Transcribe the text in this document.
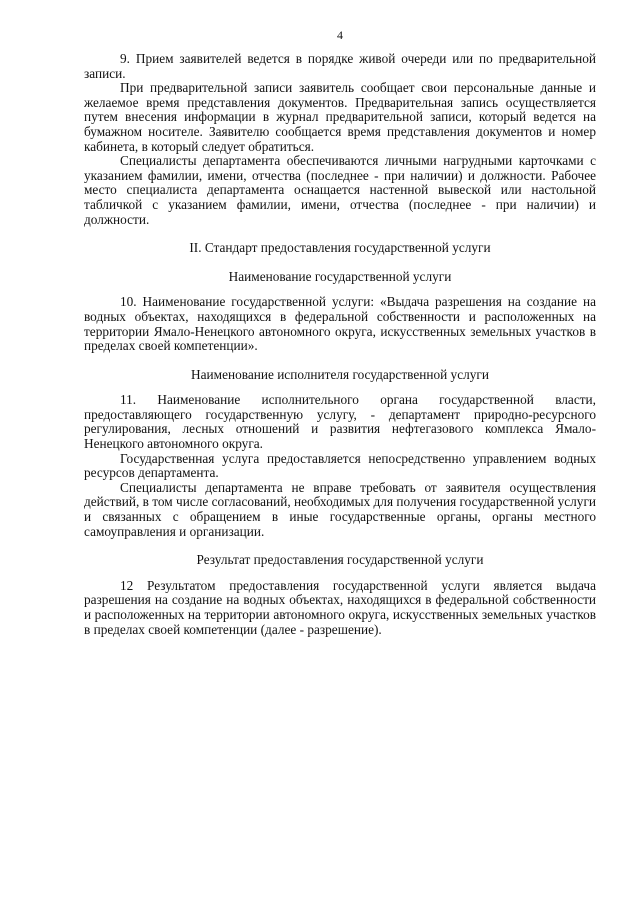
4

9. Прием заявителей ведется в порядке живой очереди или по предварительной записи.

При предварительной записи заявитель сообщает свои персональные данные и желаемое время представления документов. Предварительная запись осуществляется путем внесения информации в журнал предварительной записи, который ведется на бумажном носителе. Заявителю сообщается время представления документов и номер кабинета, в который следует обратиться.

Специалисты департамента обеспечиваются личными нагрудными карточками с указанием фамилии, имени, отчества (последнее - при наличии) и должности. Рабочее место специалиста департамента оснащается настенной вывеской или настольной табличкой с указанием фамилии, имени, отчества (последнее - при наличии) и должности.

II. Стандарт предоставления государственной услуги
Наименование государственной услуги

10. Наименование государственной услуги: «Выдача разрешения на создание на водных объектах, находящихся в федеральной собственности и расположенных на территории Ямало-Ненецкого автономного округа, искусственных земельных участков в пределах своей компетенции».

Наименование исполнителя государственной услуги

11. Наименование исполнительного органа государственной власти, предоставляющего государственную услугу, - департамент природно-ресурсного регулирования, лесных отношений и развития нефтегазового комплекса Ямало-Ненецкого автономного округа.

Государственная услуга предоставляется непосредственно управлением водных ресурсов департамента.

Специалисты департамента не вправе требовать от заявителя осуществления действий, в том числе согласований, необходимых для получения государственной услуги и связанных с обращением в иные государственные органы, органы местного самоуправления и организации.

Результат предоставления государственной услуги

12 Результатом предоставления государственной услуги является выдача разрешения на создание на водных объектах, находящихся в федеральной собственности и расположенных на территории автономного округа, искусственных земельных участков в пределах своей компетенции (далее - разрешение).
